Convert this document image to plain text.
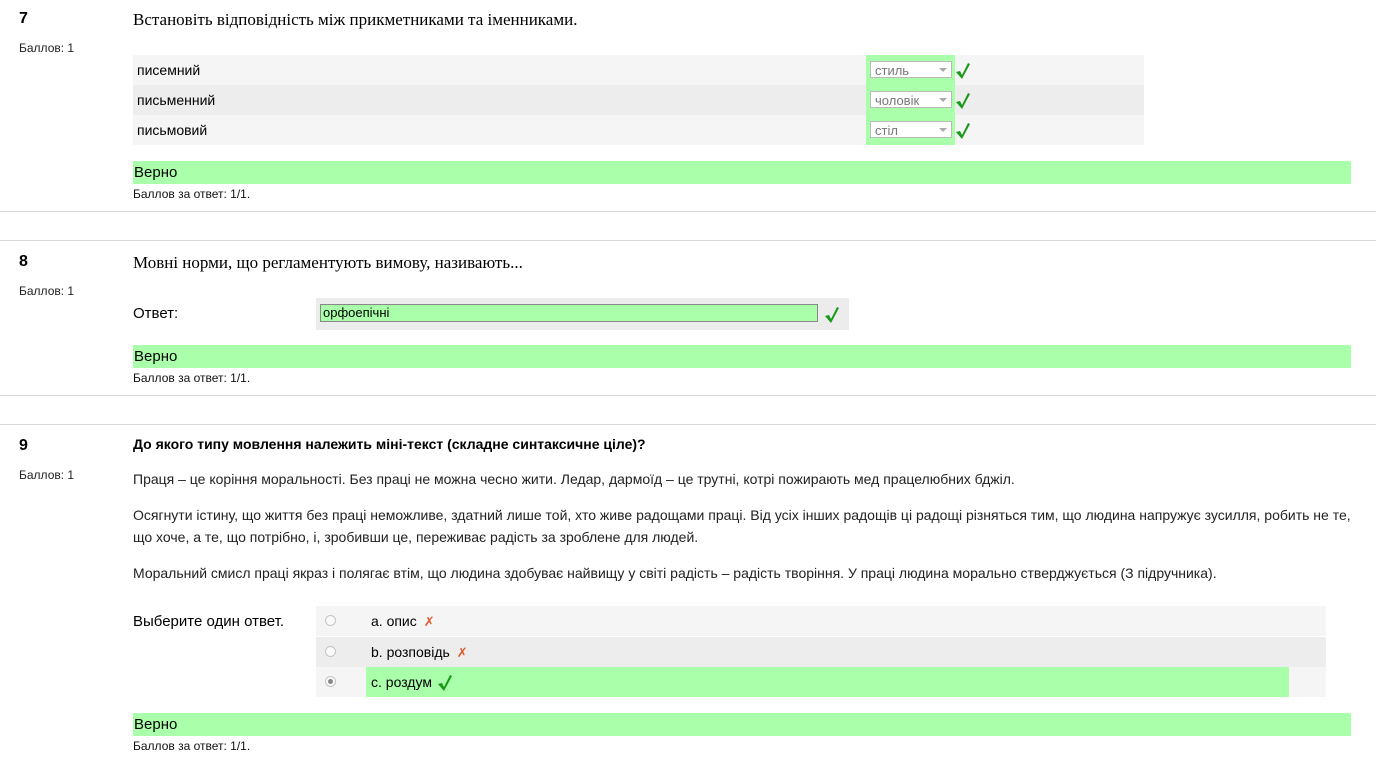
7
Баллов: 1
Встановіть відповідність між прикметниками та іменниками.
писемний	стиль
письменний	чоловік
письмовий	стіл
Верно
Баллов за ответ: 1/1.
8
Баллов: 1
Мовні норми, що регламентують вимову, називають...
Ответ:	орфоепічні
Верно
Баллов за ответ: 1/1.
9
Баллов: 1
До якого типу мовлення належить міні-текст (складне синтаксичне ціле)?
Праця – це коріння моральності. Без праці не можна чесно жити. Ледар, дармоїд – це трутні, котрі пожирають мед працелюбних бджіл.
Осягнути істину, що життя без праці неможливе, здатний лише той, хто живе радощами праці. Від усіх інших радощів ці радощі різняться тим, що людина напружує зусилля, робить не те, що хоче, а те, що потрібно, і, зробивши це, переживає радість за зроблене для людей.
Моральний смисл праці якраз і полягає втім, що людина здобуває найвищу у світі радість – радість творіння. У праці людина морально стверджується (З підручника).
Выберите один ответ.	a. опис ✗
b. розповідь ✗
c. роздум
Верно
Баллов за ответ: 1/1.
